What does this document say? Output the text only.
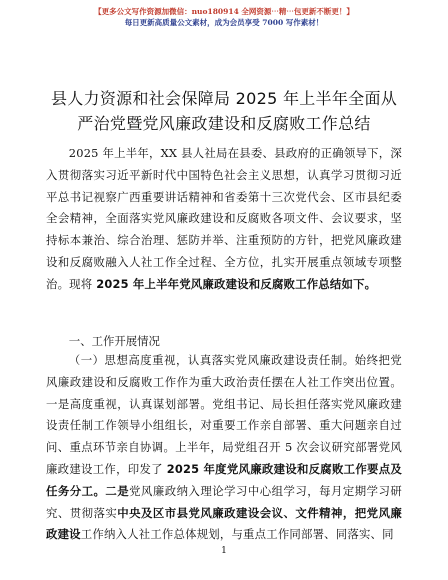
【更多公文写作资源加微信：nuo180914 全网资源⋯精⋯包更新不断更！】
每日更新高质量公文素材，成为会员享受 7000 写作素材！
县人力资源和社会保障局 2025 年上半年全面从
严治党暨党风廉政建设和反腐败工作总结
2025 年上半年，XX 县人社局在县委、县政府的正确领导下，深入贯彻落实习近平新时代中国特色社会主义思想，认真学习贯彻习近平总书记视察广西重要讲话精神和省委第十三次党代会、区市县纪委全会精神，全面落实党风廉政建设和反腐败各项文件、会议要求，坚持标本兼治、综合治理、惩防并举、注重预防的方针，把党风廉政建设和反腐败融入人社工作全过程、全方位，扎实开展重点领域专项整治。现将 2025 年上半年党风廉政建设和反腐败工作总结如下。
一、工作开展情况
（一）思想高度重视，认真落实党风廉政建设责任制。始终把党风廉政建设和反腐败工作作为重大政治责任摆在人社工作突出位置。一是高度重视，认真谋划部署。党组书记、局长担任落实党风廉政建设责任制工作领导小组组长，对重要工作亲自部署、重大问题亲自过问、重点环节亲自协调。上半年，局党组召开 5 次会议研究部署党风廉政建设工作，印发了 2025 年度党风廉政建设和反腐败工作要点及任务分工。二是党风廉政纳入理论学习中心组学习，每月定期学习研究、贯彻落实中央及区市县党风廉政建设会议、文件精神，把党风廉政建设工作纳入人社工作总体规划，与重点工作同部署、同落实、同
1
